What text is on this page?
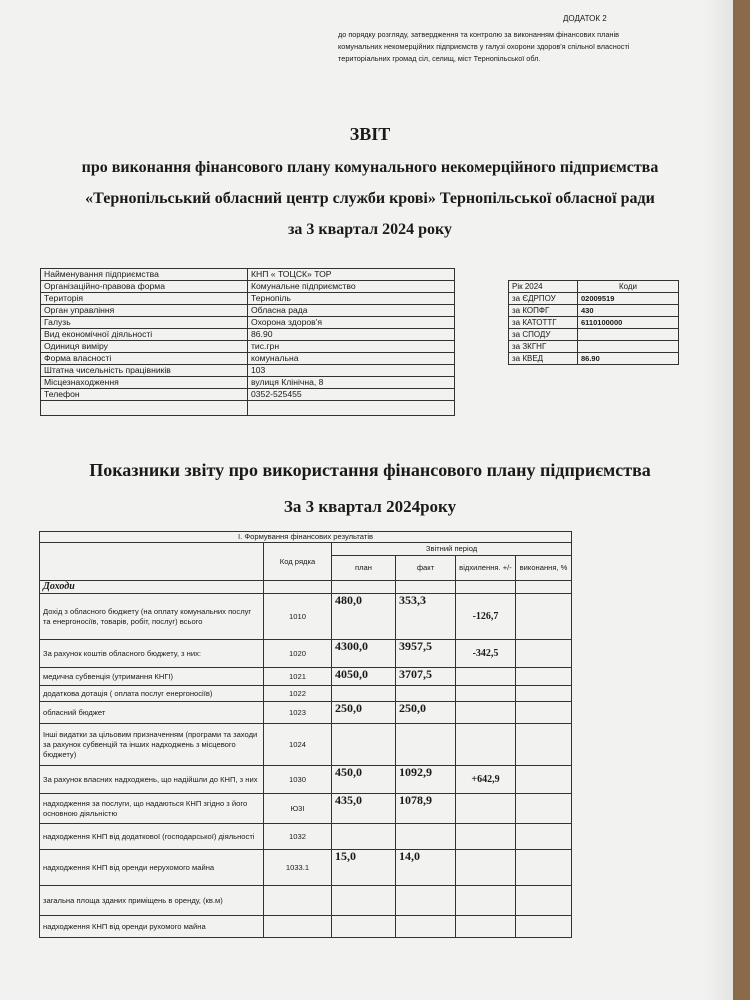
ДОДАТОК 2
до порядку розгляду, затвердження та контролю за виконанням фінансових планів
комунальних некомерційних підприємств у галузі охорони здоров'я спільної власності
територіальних громад сіл, селищ, міст Тернопільської обл.
ЗВІТ
про виконання фінансового плану комунального некомерційного підприємства
«Тернопільський обласний центр служби крові» Тернопільської обласної ради
за 3 квартал 2024 року
Найменування підприємства	КНП « ТОЦСК» ТОР
Організаційно-правова форма	Комунальне підприємство
Територія	Тернопіль
Орган управління	Обласна рада
Галузь	Охорона здоров'я
Вид економічної діяльності	86.90
Одиниця виміру	тис.грн
Форма власності	комунальна
Штатна чисельність працівників	103
Місцезнаходження	вулиця Клінічна, 8
Телефон	0352-525455

Рік 2024	Коди
за ЄДРПОУ	02009519
за КОПФГ	430
за КАТОТТГ	6110100000
за СПОДУ	
за ЗКГНГ	
за КВЕД	86.90
Показники звіту про використання фінансового плану підприємства
За 3 квартал 2024року
І. Формування фінансових результатів					
	Код рядка	Звітний період			
		план	факт	відхилення. +/-	виконання, %
Доходи					
Дохід з обласного бюджету (на оплату комунальних послуг та енергоносіїв, товарів, робіт, послуг) всього	1010	480,0	353,3	-126,7	
За рахунок коштів обласного бюджету, з них:	1020	4300,0	3957,5	-342,5	
медична субвенція (утримання КНГІ)	1021	4050,0	3707,5		
додаткова дотація ( оплата послуг енергоносіїв)	1022				
обласний бюджет	1023	250,0	250,0		
Інші видатки за цільовим призначенням (програми та заходи за рахунок субвенцій та інших надходжень з місцевого бюджету)	1024				
За рахунок власних надходжень, що надійшли до КНП, з них	1030	450,0	1092,9	+642,9	
надходження за послуги, що надаються КНП згідно з його основною діяльністю	Ю3І	435,0	1078,9		
надходження КНП від додаткової (господарської) діяльності	1032				
надходження КНП від оренди нерухомого майна	1033.1	15,0	14,0		
загальна площа зданих приміщень в оренду, (кв.м)					
надходження КНП від оренди рухомого майна					
